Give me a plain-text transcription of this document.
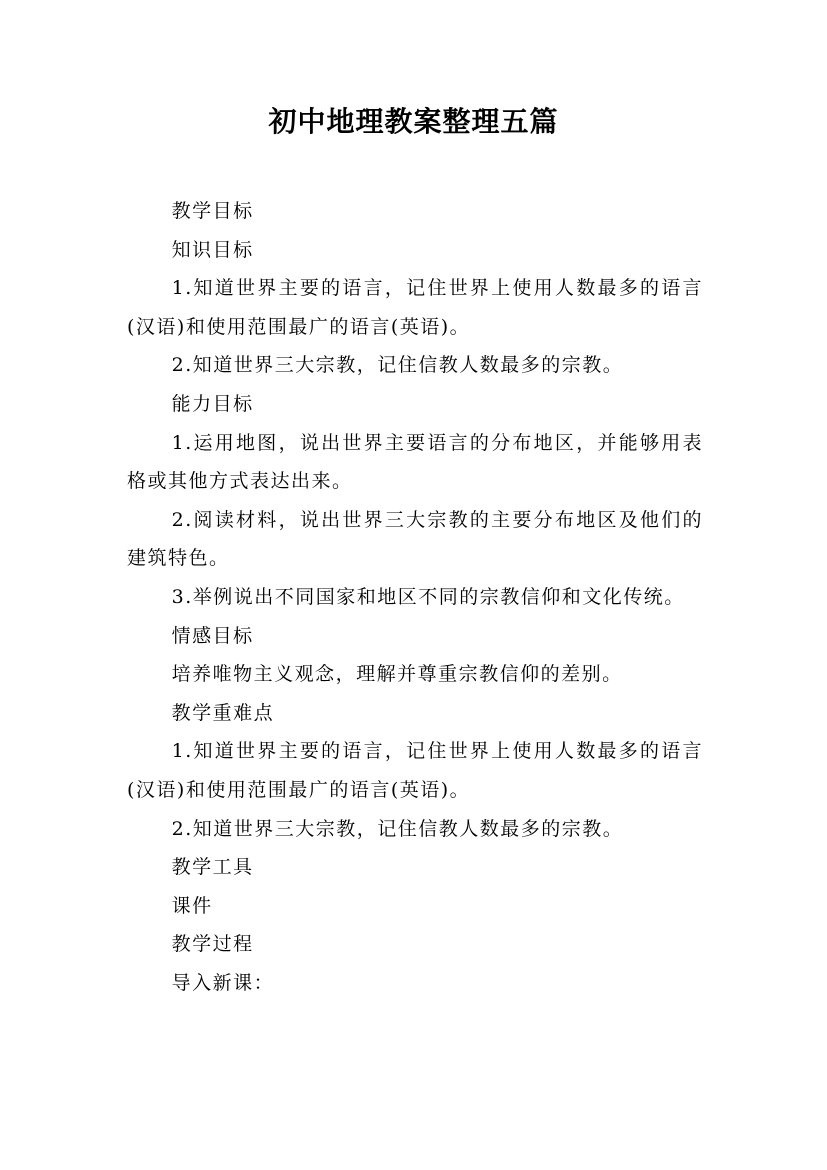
初中地理教案整理五篇

教学目标

知识目标

1.知道世界主要的语言，记住世界上使用人数最多的语言(汉语)和使用范围最广的语言(英语)。

2.知道世界三大宗教，记住信教人数最多的宗教。

能力目标

1.运用地图，说出世界主要语言的分布地区，并能够用表格或其他方式表达出来。

2.阅读材料，说出世界三大宗教的主要分布地区及他们的建筑特色。

3.举例说出不同国家和地区不同的宗教信仰和文化传统。

情感目标

培养唯物主义观念，理解并尊重宗教信仰的差别。

教学重难点

1.知道世界主要的语言，记住世界上使用人数最多的语言(汉语)和使用范围最广的语言(英语)。

2.知道世界三大宗教，记住信教人数最多的宗教。

教学工具

课件

教学过程

导入新课：
